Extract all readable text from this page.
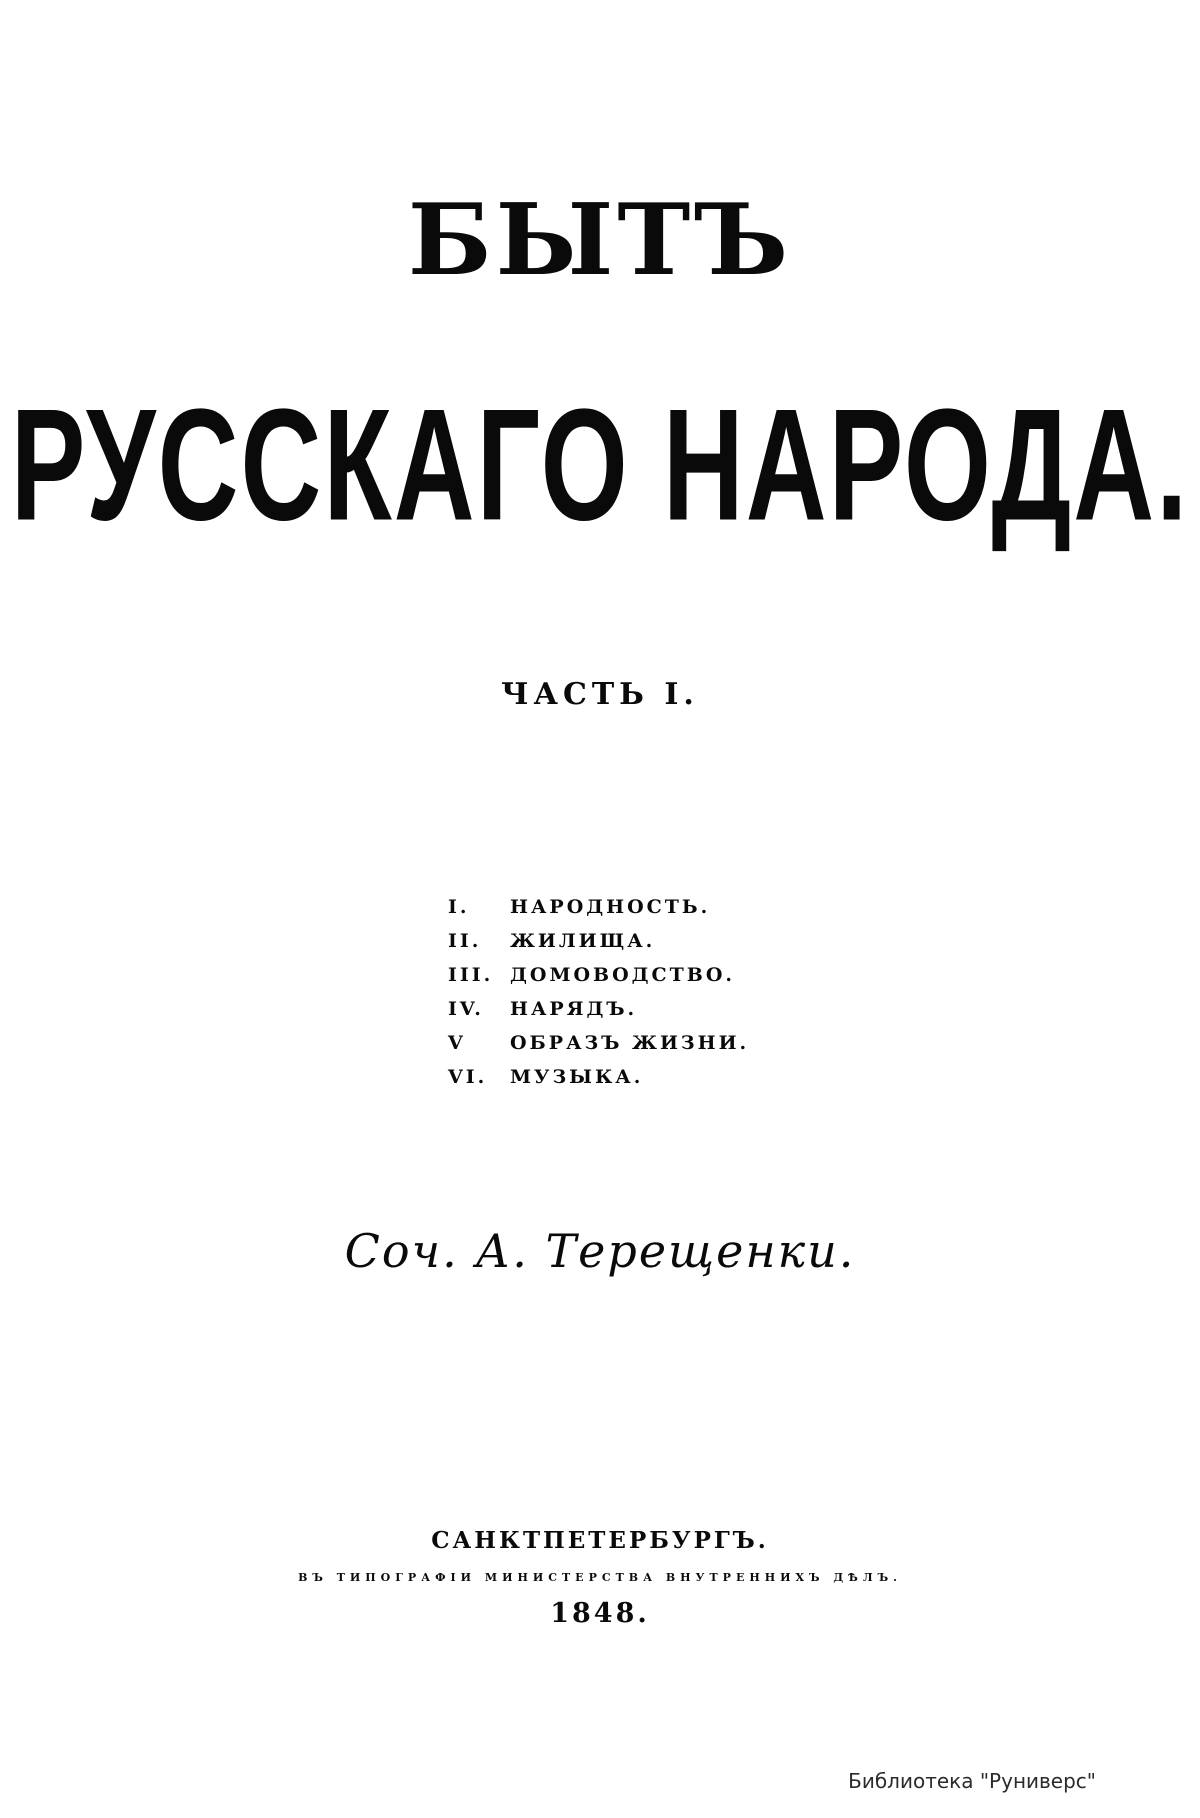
БЫТЪ
РУССКАГО НАРОДА.
ЧАСТЬ I.
I. НАРОДНОСТЬ.
II. ЖИЛИЩА.
III. ДОМОВОДСТВО.
IV. НАРЯДЪ.
V ОБРАЗЪ ЖИЗНИ.
VI. МУЗЫКА.
Соч. А. Терещенки.
САНКТПЕТЕРБУРГЪ.
ВЪ ТИПОГРАФІИ МИНИСТЕРСТВА ВНУТРЕННИХЪ ДѢЛЪ.
1848.
Библиотека "Руниверс"
